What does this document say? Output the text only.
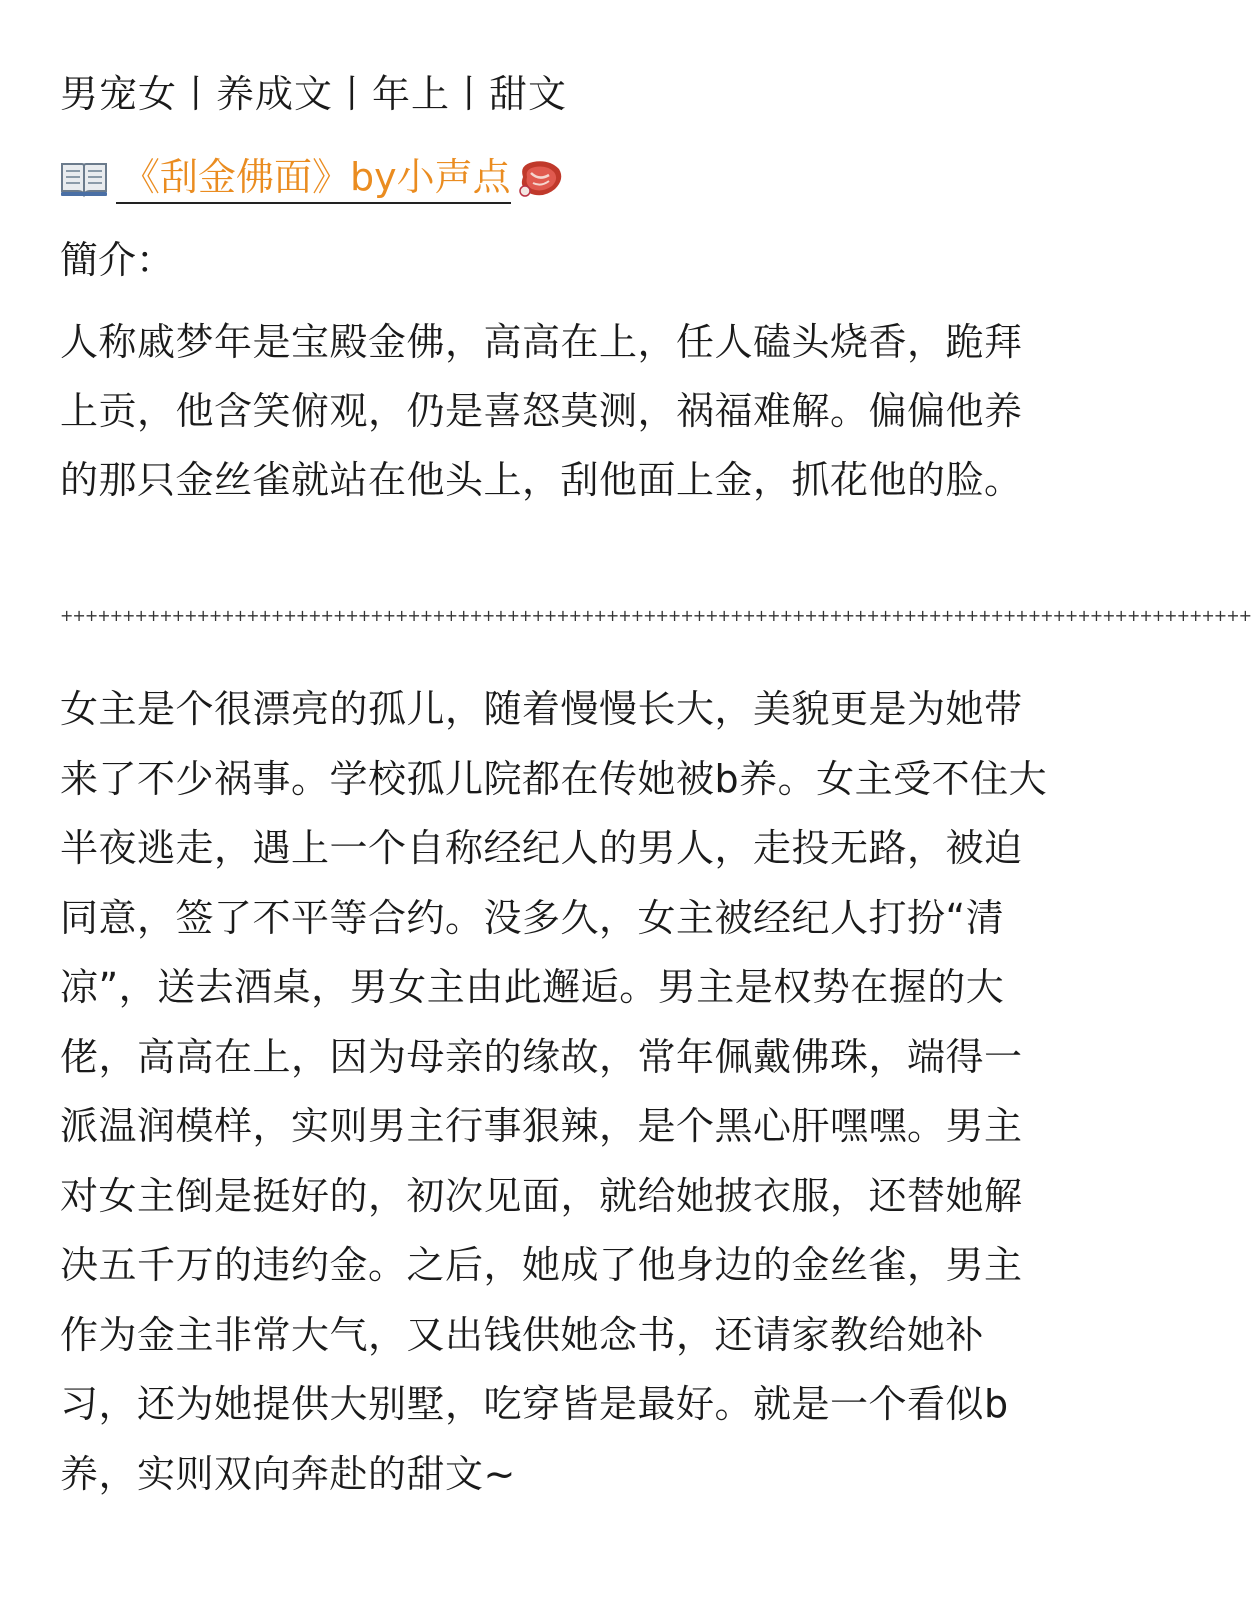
男宠女丨养成文丨年上丨甜文
《刮金佛面》by小声点
簡介：
人称戚梦年是宝殿金佛，高高在上，任人磕头烧香，跪拜上贡，他含笑俯观，仍是喜怒莫测，祸福难解。偏偏他养的那只金丝雀就站在他头上，刮他面上金，抓花他的脸。
++++++++++++++++++++++++++++++++++++++++++++++++++++++++++++++++++++++++++++++++++++++++++++++++
女主是个很漂亮的孤儿，随着慢慢长大，美貌更是为她带来了不少祸事。学校孤儿院都在传她被b养。女主受不住大半夜逃走，遇上一个自称经纪人的男人，走投无路，被迫同意，签了不平等合约。没多久，女主被经纪人打扮“清凉”，送去酒桌，男女主由此邂逅。男主是权势在握的大佬，高高在上，因为母亲的缘故，常年佩戴佛珠，端得一派温润模样，实则男主行事狠辣，是个黑心肝嘿嘿。男主对女主倒是挺好的，初次见面，就给她披衣服，还替她解决五千万的违约金。之后，她成了他身边的金丝雀，男主作为金主非常大气，又出钱供她念书，还请家教给她补习，还为她提供大别墅，吃穿皆是最好。就是一个看似b养，实则双向奔赴的甜文~
